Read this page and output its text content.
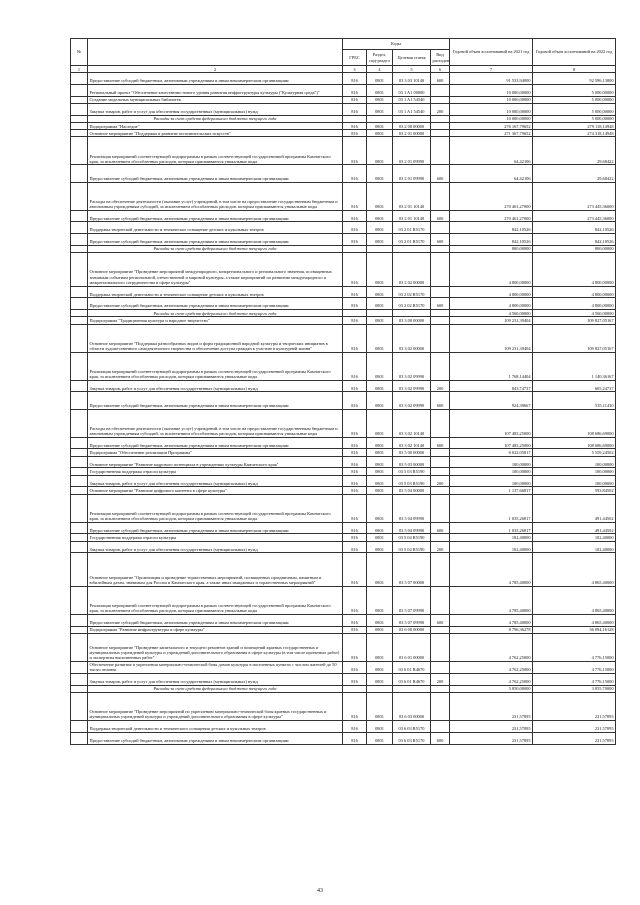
№		Коды				Годовой объем ассигнований на 2021 год	Годовой объем ассигнований на 2022 год
		ГРБС	Раздел, под-раздел	Целевая статья	Вид расходов		
1	2	3	4	5	6	7	8
	Предоставление субсидий бюджетным, автономным учреждениям и иным некоммерческим организациям	816	0801	03 3 03 10140	600	91 533,94000	92 596,13000
	Региональный проект "Обеспечение качественно нового уровня развития инфраструктуры культуры ("Культурная среда")"	816	0801	03 1 A1 00000		10 000,00000	5 000,00000
	Создание модельных муниципальных библиотек	816	0801	03 1 A1 54540		10 000,00000	5 000,00000
	Закупка товаров, работ и услуг для обеспечения государственных (муниципальных) нужд	816	0801	03 1 A1 54540	200	10 000,00000	5 000,00000
	Расходы за счет средств федерального бюджета текущего года					10 000,00000	5 000,00000
	Подпрограмма "Наследие"	816	0801	03 2 00 00000		276 167,79652	279 118,14948
	Основное мероприятие "Поддержка и развитие исполнительских искусств"	816	0801	03 2 01 00000		271 367,79652	274 318,14948
	Реализация мероприятий соответствующей подпрограммы в рамках соответствующей государственной программы Камчатского края, за исключением обособленных расходов, которым присваиваются уникальные коды	816	0801	03 2 01 09990		64,42106	29,68422
	Предоставление субсидий бюджетным, автономным учреждениям и иным некоммерческим организациям	816	0801	03 2 01 09990	600	64,42106	29,68422
	Расходы на обеспечение деятельности (оказание услуг) учреждений, в том числе на предоставление государственным бюджетным и автономным учреждениям субсидий, за исключением обособленных расходов, которым присваиваются уникальные коды	816	0801	03 2 01 10140		270 461,27000	273 445,36000
	Предоставление субсидий бюджетным, автономным учреждениям и иным некоммерческим организациям	816	0801	03 2 01 10140	600	270 461,27000	273 445,36000
	Поддержка творческой деятельности и техническое оснащение детских и кукольных театров	816	0801	03 2 01 R5170		842,10526	842,10526
	Предоставление субсидий бюджетным, автономным учреждениям и иным некоммерческим организациям	816	0801	03 2 01 R5170	600	842,10526	842,10526
	Расходы за счет средств федерального бюджета текущего года					800,00000	800,00000
	Основное мероприятие "Проведение мероприятий международного, межрегионального и регионального значения, посвященных значимым событиям региональной, отечественной и мировой культуры, а также мероприятий по развитию международного и межрегионального сотрудничества в сфере культуры"	816	0801	03 2 02 00000		4 800,00000	4 800,00000
	Поддержка творческой деятельности и техническое оснащение детских и кукольных театров	816	0801	03 2 02 R5170		4 800,00000	4 800,00000
	Предоставление субсидий бюджетным, автономным учреждениям и иным некоммерческим организациям	816	0801	03 2 02 R5170	600	4 800,00000	4 800,00000
	Расходы за счет средств федерального бюджета текущего года					4 560,00000	4 560,00000
	Подпрограмма "Традиционная культура и народное творчество"	816	0801	03 3 00 00000		109 231,39404	109 827,05167
	Основное мероприятие "Поддержка разнообразных видов и форм традиционной народной культуры и творческих инициатив в области художественного самодеятельного творчества и обеспечение доступа граждан к участию в культурной жизни"	816	0801	03 3 02 00000		109 231,39404	109 827,05167
	Реализация мероприятий соответствующей подпрограммы в рамках соответствующей государственной программы Камчатского края, за исключением обособленных расходов, которым присваиваются уникальные коды	816	0801	03 3 02 09990		1 768,14404	1 140,36167
	Закупка товаров, работ и услуг для обеспечения государственных (муниципальных) нужд	816	0801	03 3 02 09990	200	843,74737	605,24737
	Предоставление субсидий бюджетным, автономным учреждениям и иным некоммерческим организациям	816	0801	03 3 02 09990	600	924,39667	535,11430
	Расходы на обеспечение деятельности (оказание услуг) учреждений, в том числе на предоставление государственным бюджетным и автономным учреждениям субсидий, за исключением обособленных расходов, которым присваиваются уникальные коды	816	0801	03 3 02 10140		107 483,25000	108 686,69000
	Предоставление субсидий бюджетным, автономным учреждениям и иным некоммерческим организациям	816	0801	03 3 02 10140	600	107 483,25000	108 686,69000
	Подпрограмма "Обеспечение реализации Программы"	816	0801	03 5 00 00000		6 022,05817	5 559,24502
	Основное мероприятие "Развитие кадрового потенциала в учреждениях культуры Камчатского края"	816	0801	03 5 03 00000		100,00000	100,00000
	Государственная поддержка отрасли культуры	816	0801	03 5 03 R5190		100,00000	100,00000
	Закупка товаров, работ и услуг для обеспечения государственных (муниципальных) нужд	816	0801	03 5 03 R5190	200	100,00000	100,00000
	Основное мероприятие "Развитие цифрового контента в сфере культуры"	816	0801	03 5 04 00000		1 137,66817	593,84502
	Реализация мероприятий соответствующей подпрограммы в рамках соответствующей государственной программы Камчатского края, за исключением обособленных расходов, которым присваиваются уникальные коды	816	0801	03 5 04 09990		1 035,26817	491,44502
	Предоставление субсидий бюджетным, автономным учреждениям и иным некоммерческим организациям	816	0801	03 5 04 09990	600	1 035,26817	491,44502
	Государственная поддержка отрасли культуры	816	0801	03 5 04 R5190		102,40000	102,40000
	Закупка товаров, работ и услуг для обеспечения государственных (муниципальных) нужд	816	0801	03 5 04 R5190	200	102,40000	102,40000
	Основное мероприятие "Организация и проведение торжественных мероприятий, посвященных праздничным, памятным и юбилейным датам, значимым для России и Камчатского края, а также иных имиджевых и торжественных мероприятий"	816	0801	03 5 07 00000		4 785,40000	4 865,40000
	Реализация мероприятий соответствующей подпрограммы в рамках соответствующей государственной программы Камчатского края, за исключением обособленных расходов, которым присваиваются уникальные коды	816	0801	03 5 07 09990		4 785,40000	4 865,40000
	Предоставление субсидий бюджетным, автономным учреждениям и иным некоммерческим организациям	816	0801	03 5 07 09990	600	4 785,40000	4 865,40000
	Подпрограмма "Развитие инфраструктуры в сфере культуры"	816	0801	03 6 00 00000		8 796,36278	36 094,16128
	Основное мероприятие "Проведение капитального и текущего ремонтов зданий и помещений краевых государственных и муниципальных учреждений культуры и учреждений дополнительного образования в сфере культуры (в том числе проектных работ) и экспертизы выполненных работ"	816	0801	03 6 01 00000		4 762,25000	4 776,15000
	Обеспечение развития и укрепления материально-технической базы домов культуры в населенных пунктах с числом жителей до 50 тысяч человек	816	0801	03 6 01 R4670		4 762,25000	4 776,15000
	Закупка товаров, работ и услуг для обеспечения государственных (муниципальных) нужд	816	0801	03 6 01 R4670	200	4 762,25000	4 776,15000
	Расходы за счет средств федерального бюджета текущего года					3 850,00000	3 855,70000
	Основное мероприятие "Проведение мероприятий по укреплению материально-технической базы краевых государственных и муниципальных учреждений культуры и учреждений дополнительного образования в сфере культуры"	816	0801	03 6 03 00000		231,57895	231,57895
	Поддержка творческой деятельности и технического оснащения детских и кукольных театров	816	0801	03 6 03 R5170		231,57895	231,57895
	Предоставление субсидий бюджетным, автономным учреждениям и иным некоммерческим организациям	816	0801	03 6 03 R5170	600	231,57895	231,57895
43
